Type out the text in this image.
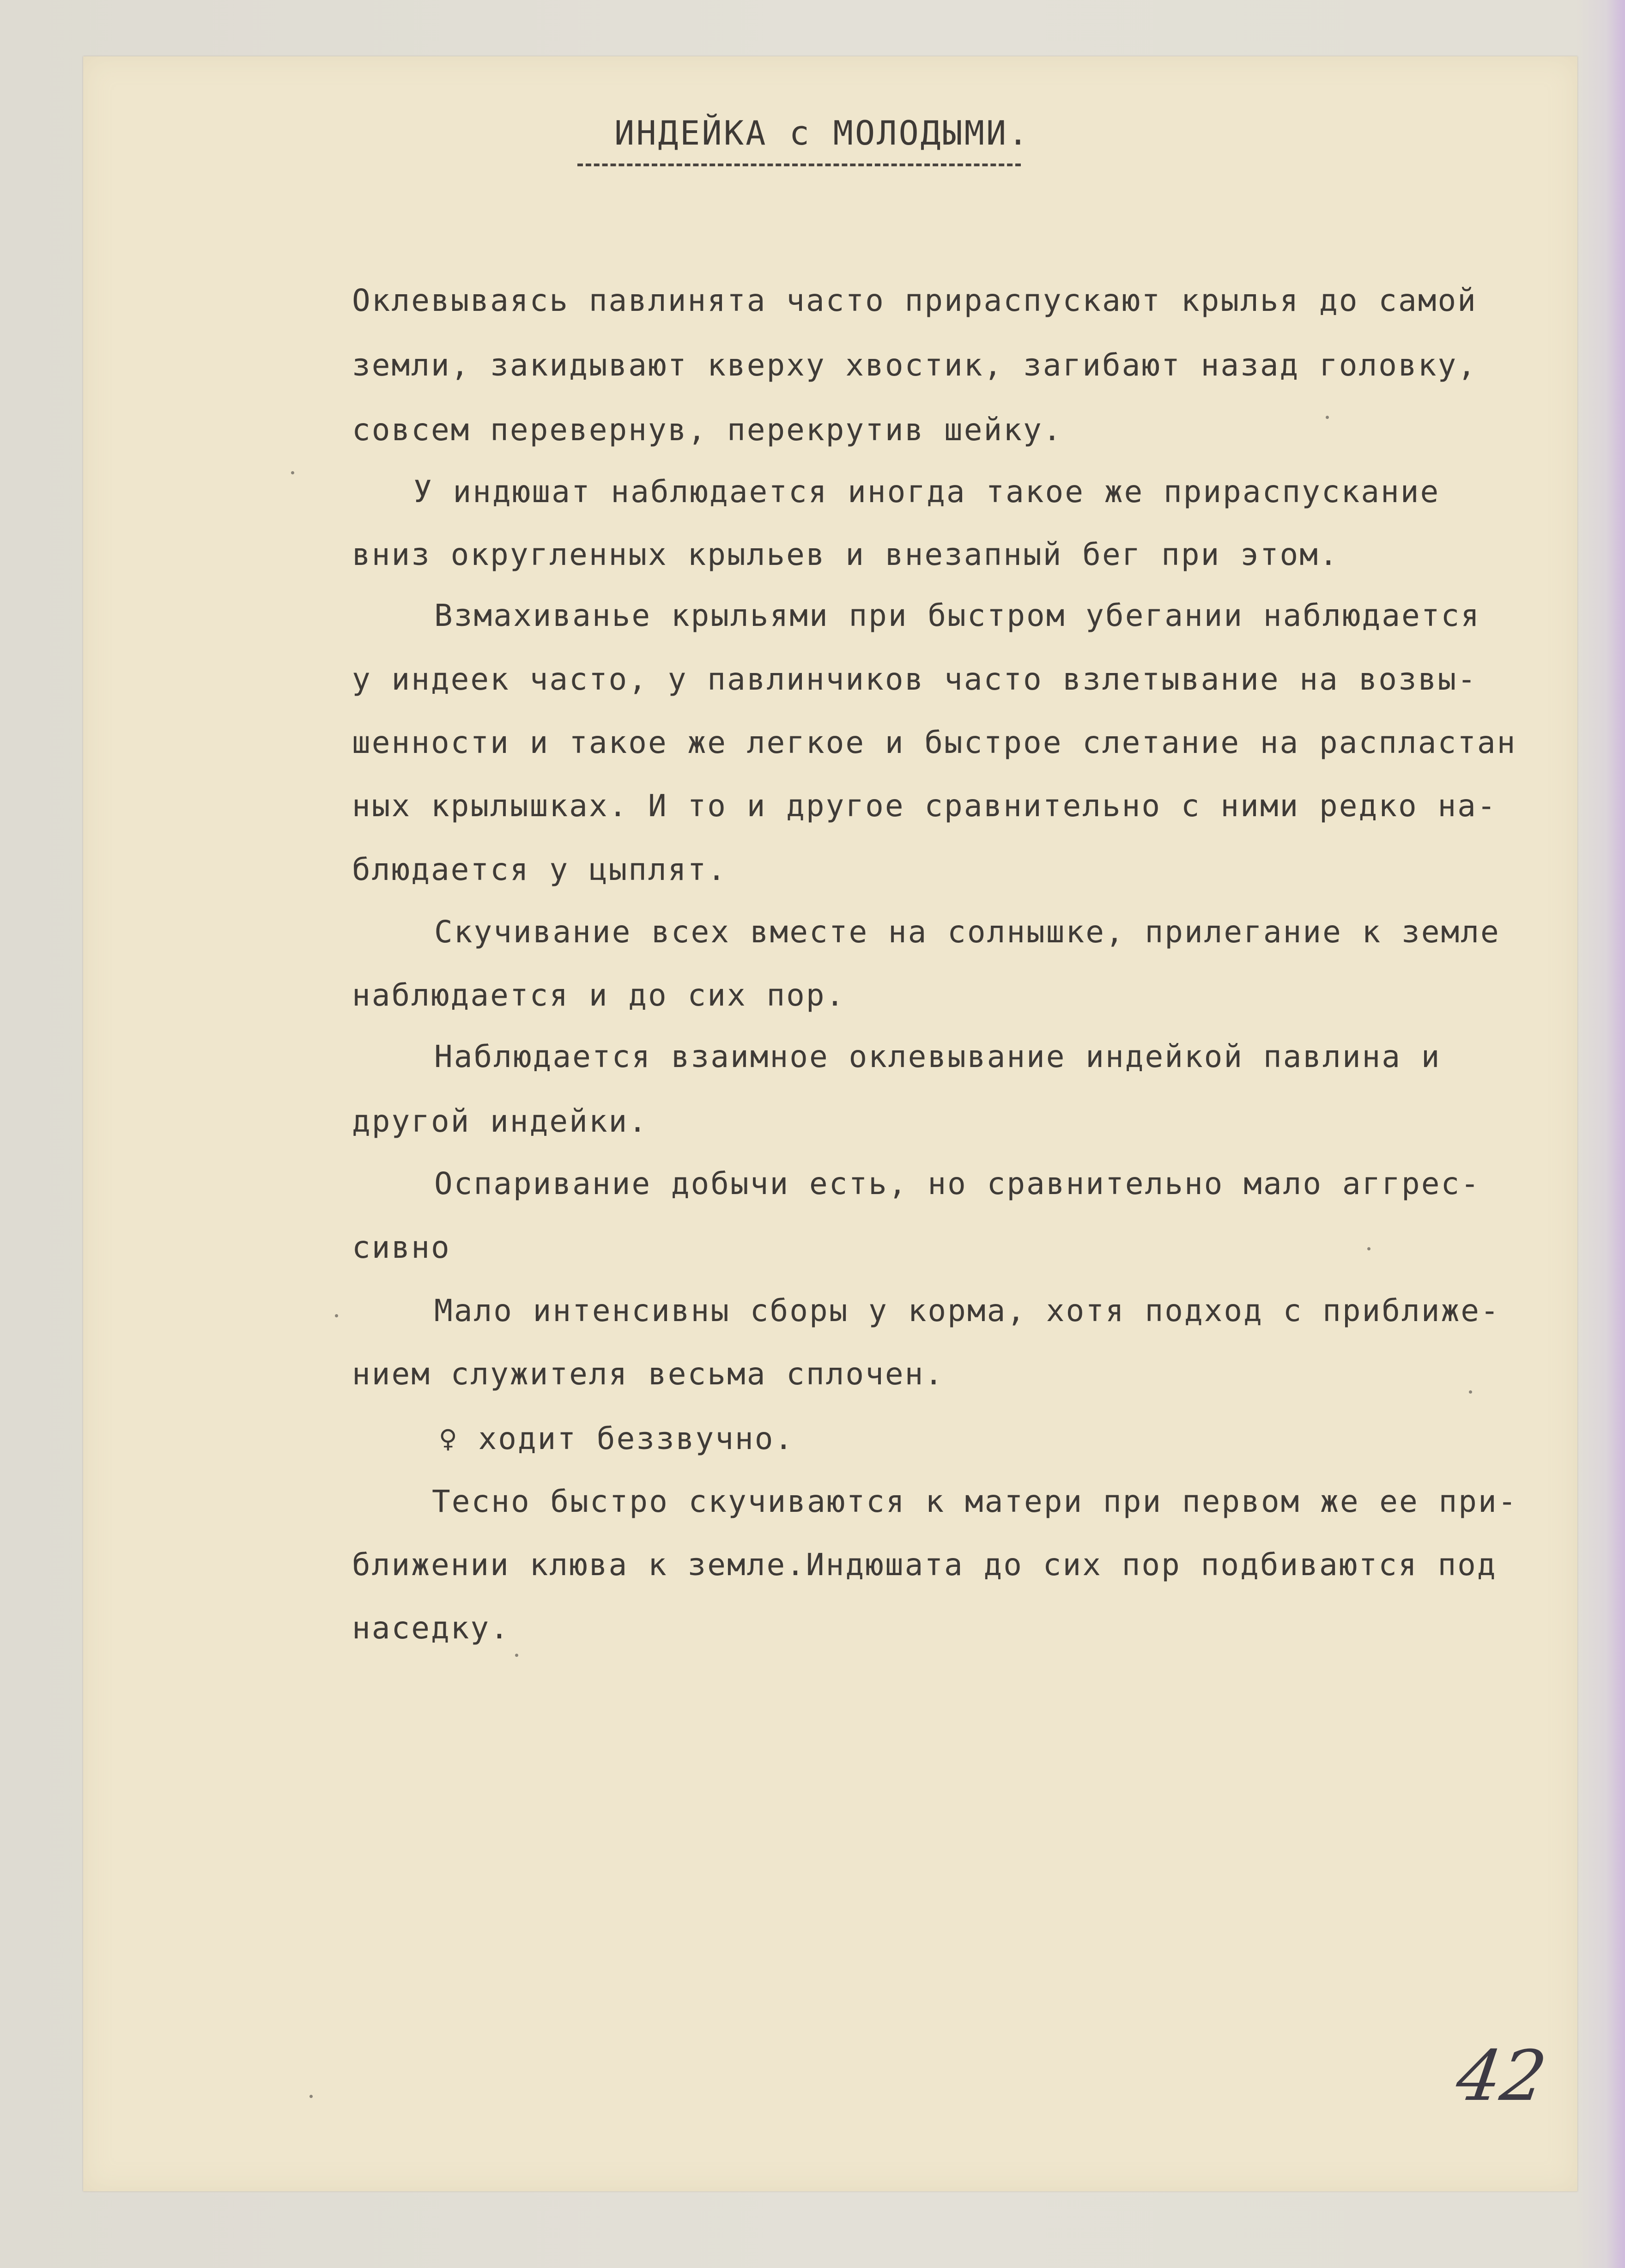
ИНДЕЙКА с МОЛОДЫМИ.
Оклевываясь павлинята часто прираспускают крылья до самой
земли, закидывают кверху хвостик, загибают назад головку,
совсем перевернув, перекрутив шейку.
У индюшат наблюдается иногда такое же прираспускание
вниз округленных крыльев и внезапный бег при этом.
Взмахиванье крыльями при быстром убегании наблюдается
у индеек часто, у павлинчиков часто взлетывание на возвы-
шенности и такое же легкое и быстрое слетание на распластан
ных крылышках. И то и другое сравнительно с ними редко на-
блюдается у цыплят.
Скучивание всех вместе на солнышке, прилегание к земле
наблюдается и до сих пор.
Наблюдается взаимное оклевывание индейкой павлина и
другой индейки.
Оспаривание добычи есть, но сравнительно мало аггрес-
сивно
Мало интенсивны сборы у корма, хотя подход с приближе-
нием служителя весьма сплочен.
♀ ходит беззвучно.
Тесно быстро скучиваются к матери при первом же ее при-
ближении клюва к земле.Индюшата до сих пор подбиваются под
наседку.
42
